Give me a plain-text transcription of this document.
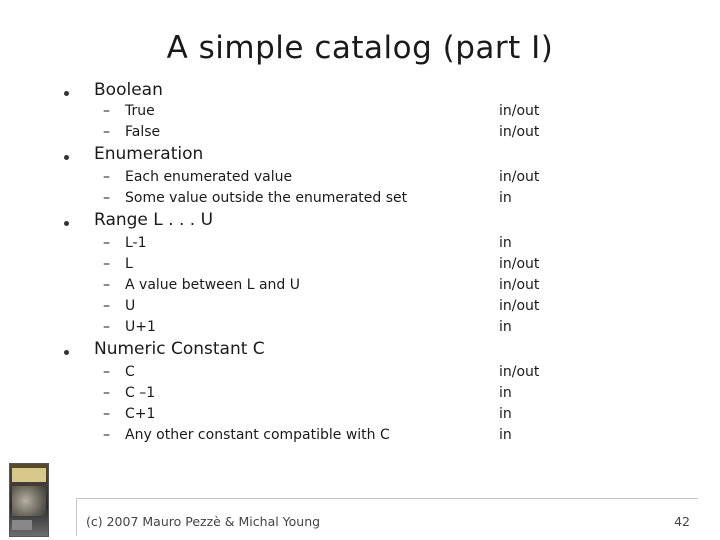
A simple catalog (part I)
Boolean
– True	in/out
– False	in/out
Enumeration
– Each enumerated value	in/out
– Some value outside the enumerated set	in
Range L . . . U
– L-1	in
– L	in/out
– A value between L and U	in/out
– U	in/out
– U+1	in
Numeric Constant C
– C	in/out
– C –1	in
– C+1	in
– Any other constant compatible with C	in
(c) 2007 Mauro Pezzè & Michal Young	42
